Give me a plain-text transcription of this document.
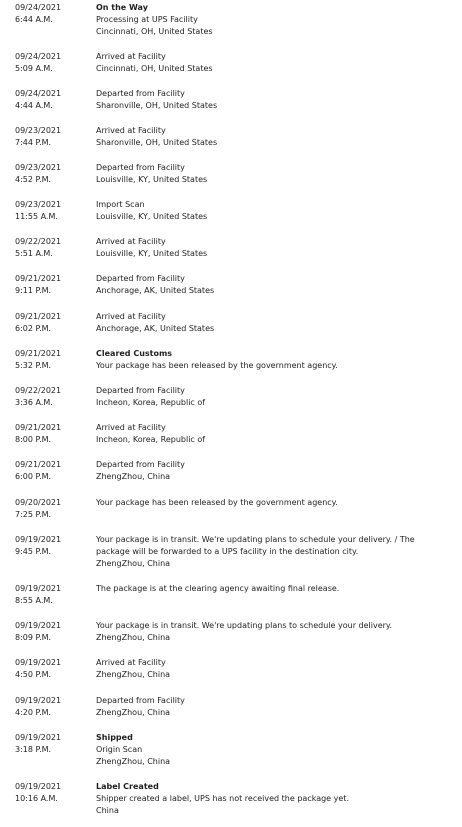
09/24/2021
6:44 A.M.
On the Way
Processing at UPS Facility
Cincinnati, OH, United States
09/24/2021
5:09 A.M.
Arrived at Facility
Cincinnati, OH, United States
09/24/2021
4:44 A.M.
Departed from Facility
Sharonville, OH, United States
09/23/2021
7:44 P.M.
Arrived at Facility
Sharonville, OH, United States
09/23/2021
4:52 P.M.
Departed from Facility
Louisville, KY, United States
09/23/2021
11:55 A.M.
Import Scan
Louisville, KY, United States
09/22/2021
5:51 A.M.
Arrived at Facility
Louisville, KY, United States
09/21/2021
9:11 P.M.
Departed from Facility
Anchorage, AK, United States
09/21/2021
6:02 P.M.
Arrived at Facility
Anchorage, AK, United States
09/21/2021
5:32 P.M.
Cleared Customs
Your package has been released by the government agency.
09/22/2021
3:36 A.M.
Departed from Facility
Incheon, Korea, Republic of
09/21/2021
8:00 P.M.
Arrived at Facility
Incheon, Korea, Republic of
09/21/2021
6:00 P.M.
Departed from Facility
ZhengZhou, China
09/20/2021
7:25 P.M.
Your package has been released by the government agency.
09/19/2021
9:45 P.M.
Your package is in transit. We're updating plans to schedule your delivery. / The
package will be forwarded to a UPS facility in the destination city.
ZhengZhou, China
09/19/2021
8:55 A.M.
The package is at the clearing agency awaiting final release.
09/19/2021
8:09 P.M.
Your package is in transit. We're updating plans to schedule your delivery.
ZhengZhou, China
09/19/2021
4:50 P.M.
Arrived at Facility
ZhengZhou, China
09/19/2021
4:20 P.M.
Departed from Facility
ZhengZhou, China
09/19/2021
3:18 P.M.
Shipped
Origin Scan
ZhengZhou, China
09/19/2021
10:16 A.M.
Label Created
Shipper created a label, UPS has not received the package yet.
China
